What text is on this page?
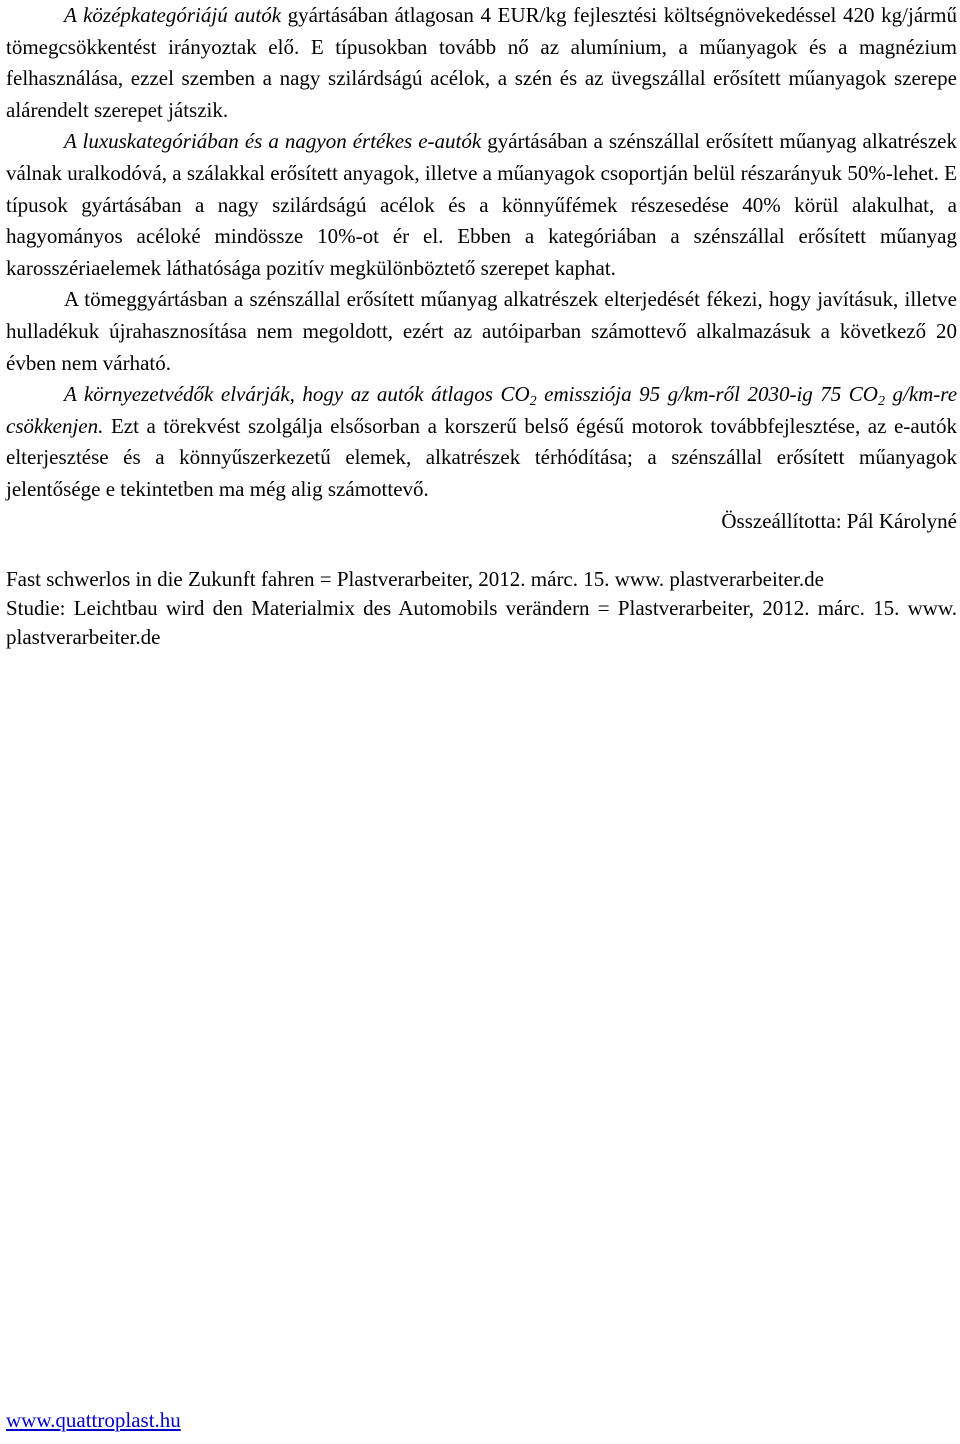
A középkategóriájú autók gyártásában átlagosan 4 EUR/kg fejlesztési költségnövekedéssel 420 kg/jármű tömegcsökkentést irányoztak elő. E típusokban tovább nő az alumínium, a műanyagok és a magnézium felhasználása, ezzel szemben a nagy szilárdságú acélok, a szén és az üvegszállal erősített műanyagok szerepe alárendelt szerepet játszik.

A luxuskategóriában és a nagyon értékes e-autók gyártásában a szénszállal erősített műanyag alkatrészek válnak uralkodóvá, a szálakkal erősített anyagok, illetve a műanyagok csoportján belül részarányuk 50%-lehet. E típusok gyártásában a nagy szilárdságú acélok és a könnyűfémek részesedése 40% körül alakulhat, a hagyományos acéloké mindössze 10%-ot ér el. Ebben a kategóriában a szénszállal erősített műanyag karosszériaelemek láthatósága pozitív megkülönböztető szerepet kaphat.

A tömeggyártásban a szénszállal erősített műanyag alkatrészek elterjedését fékezi, hogy javításuk, illetve hulladékuk újrahasznosítása nem megoldott, ezért az autóiparban számottevő alkalmazásuk a következő 20 évben nem várható.

A környezetvédők elvárják, hogy az autók átlagos $CO_2$ emissziója 95 g/km-ről 2030-ig 75 $CO_2$ g/km-re csökkenjen. Ezt a törekvést szolgálja elsősorban a korszerű belső égésű motorok továbbfejlesztése, az e-autók elterjesztése és a könnyűszerkezetű elemek, alkatrészek térhódítása; a szénszállal erősített műanyagok jelentősége e tekintetben ma még alig számottevő.

Összeállította: Pál Károlyné

Fast schwerlos in die Zukunft fahren = Plastverarbeiter, 2012. márc. 15. www. plastverarbeiter.de

Studie: Leichtbau wird den Materialmix des Automobils verändern = Plastverarbeiter, 2012. márc. 15. www. plastverarbeiter.de

www.quattroplast.hu
